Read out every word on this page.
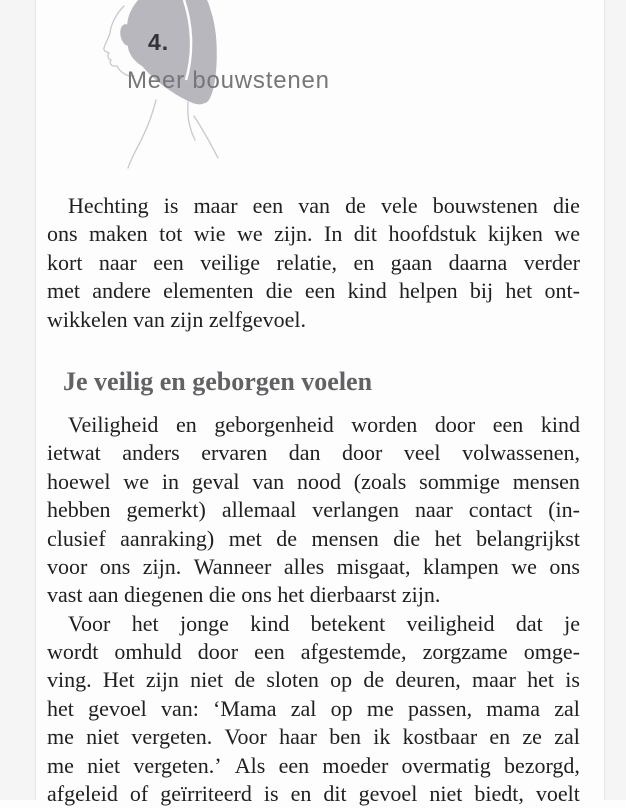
4.
Meer bouwstenen
Hechting is maar een van de vele bouwstenen die
ons maken tot wie we zijn. In dit hoofdstuk kijken we
kort naar een veilige relatie, en gaan daarna verder
met andere elementen die een kind helpen bij het ont-
wikkelen van zijn zelfgevoel.
Je veilig en geborgen voelen
Veiligheid en geborgenheid worden door een kind
ietwat anders ervaren dan door veel volwassenen,
hoewel we in geval van nood (zoals sommige mensen
hebben gemerkt) allemaal verlangen naar contact (in-
clusief aanraking) met de mensen die het belangrijkst
voor ons zijn. Wanneer alles misgaat, klampen we ons
vast aan diegenen die ons het dierbaarst zijn.
Voor het jonge kind betekent veiligheid dat je
wordt omhuld door een afgestemde, zorgzame omge-
ving. Het zijn niet de sloten op de deuren, maar het is
het gevoel van: ‘Mama zal op me passen, mama zal
me niet vergeten. Voor haar ben ik kostbaar en ze zal
me niet vergeten.’ Als een moeder overmatig bezorgd,
afgeleid of geïrriteerd is en dit gevoel niet biedt, voelt
